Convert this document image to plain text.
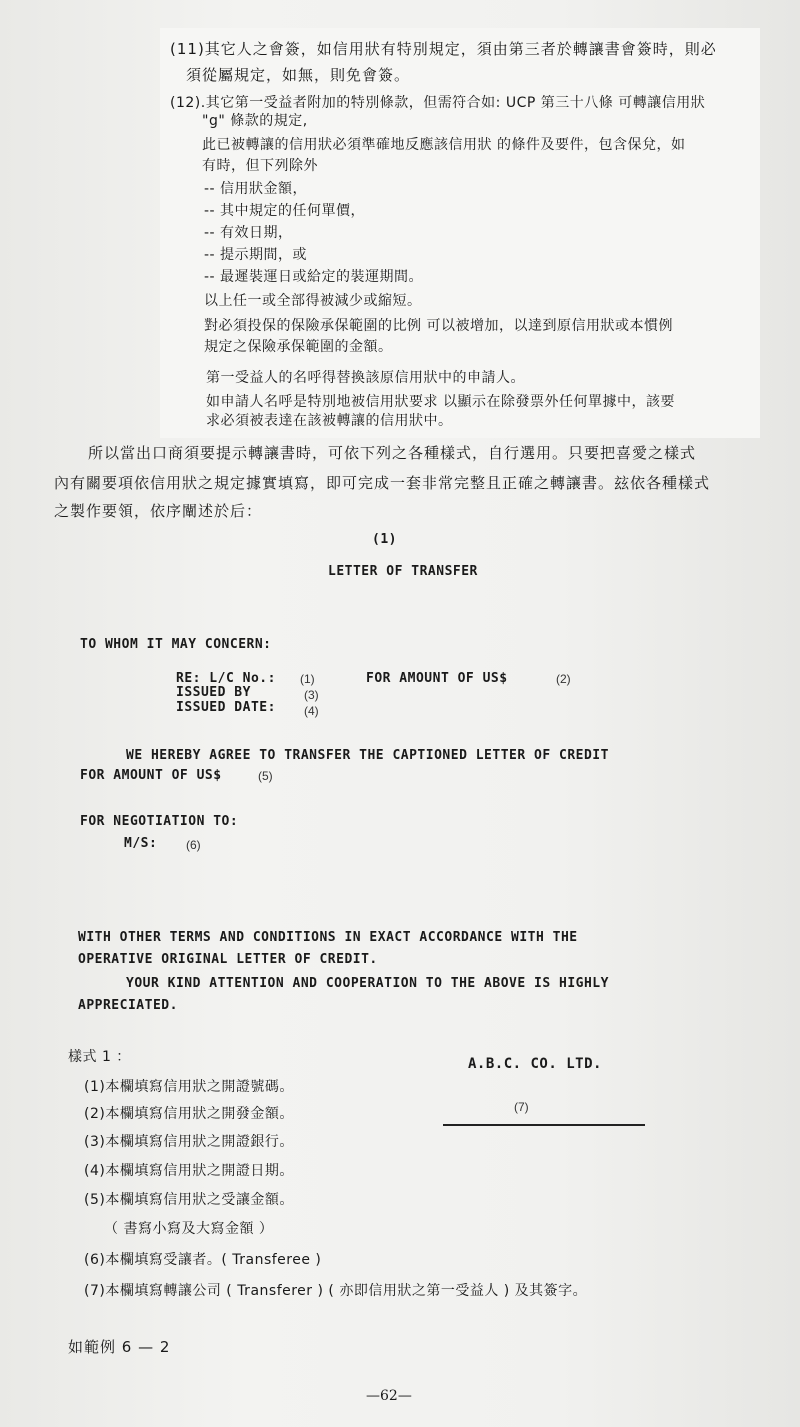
(11)其它人之會簽，如信用狀有特別規定，須由第三者於轉讓書會簽時，則必
須從屬規定，如無，則免會簽。
(12).其它第一受益者附加的特別條款，但需符合如: UCP 第三十八條 可轉讓信用狀
"g" 條款的規定,
此已被轉讓的信用狀必須準確地反應該信用狀 的條件及要件，包含保兌，如
有時，但下列除外
-- 信用狀金額，
-- 其中規定的任何單價，
-- 有效日期，
-- 提示期間，或
-- 最遲裝運日或給定的裝運期間。
以上任一或全部得被減少或縮短。
對必須投保的保險承保範圍的比例 可以被增加，以達到原信用狀或本慣例
規定之保險承保範圍的金額。
第一受益人的名呼得替換該原信用狀中的申請人。
如申請人名呼是特別地被信用狀要求 以顯示在除發票外任何單據中，該要
求必須被表達在該被轉讓的信用狀中。
所以當出口商須要提示轉讓書時，可依下列之各種樣式，自行選用。只要把喜愛之樣式
內有關要項依信用狀之規定據實填寫，即可完成一套非常完整且正確之轉讓書。玆依各種樣式
之製作要領，依序闡述於后：
(1)
LETTER OF TRANSFER
TO WHOM IT MAY CONCERN:
RE: L/C No.: (1)	FOR AMOUNT OF US$	(2)
ISSUED BY	(3)
ISSUED DATE: (4)
WE HEREBY AGREE TO TRANSFER THE CAPTIONED LETTER OF CREDIT
FOR AMOUNT OF US$	(5)
FOR NEGOTIATION TO:
M/S: (6)
WITH OTHER TERMS AND CONDITIONS IN EXACT ACCORDANCE WITH THE
OPERATIVE ORIGINAL LETTER OF CREDIT.
YOUR KIND ATTENTION AND COOPERATION TO THE ABOVE IS HIGHLY
APPRECIATED.
A.B.C. CO. LTD.
(7)
樣式 1 ：
(1)本欄填寫信用狀之開證號碼。
(2)本欄填寫信用狀之開發金額。
(3)本欄填寫信用狀之開證銀行。
(4)本欄填寫信用狀之開證日期。
(5)本欄填寫信用狀之受讓金額。
（ 書寫小寫及大寫金額 ）
(6)本欄填寫受讓者。( Transferee )
(7)本欄填寫轉讓公司 ( Transferer ) ( 亦即信用狀之第一受益人 ) 及其簽字。
如範例 6 — 2
—62—
